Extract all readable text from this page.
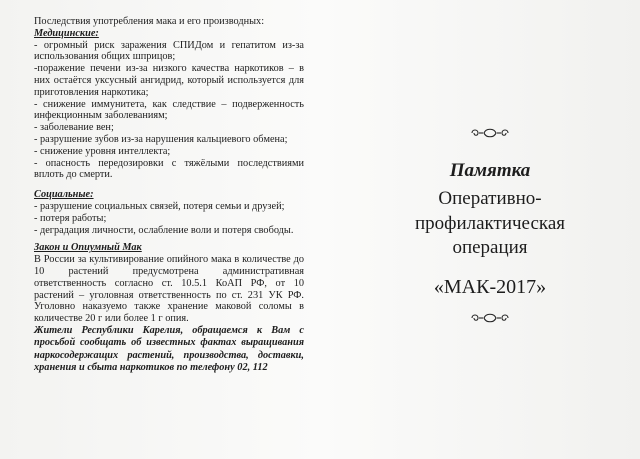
Последствия употребления мака и его производных:

Медицинские:

- огромный риск заражения СПИДом и гепатитом из-за использования общих шприцов;

-поражение печени из-за низкого качества наркотиков – в них остаётся уксусный ангидрид, который используется для приготовления наркотика;

- снижение иммунитета, как следствие – подверженность инфекционным заболеваниям;

- заболевание вен;

- разрушение зубов из-за нарушения кальциевого обмена;

- снижение уровня интеллекта;

- опасность передозировки с тяжёлыми последствиями вплоть до смерти.

Социальные:

- разрушение социальных связей, потеря семьи и друзей;

- потеря работы;

- деградация личности, ослабление воли и потеря свободы.

Закон и Опиумный Мак

В России за культивирование опийного мака в количестве до 10 растений предусмотрена административная ответственность согласно ст. 10.5.1 КоАП РФ, от 10 растений – уголовная ответственность по ст. 231 УК РФ. Уголовно наказуемо также хранение маковой соломы в количестве 20 г или более 1 г опия.

Жители Республики Карелия, обращаемся к Вам с просьбой сообщать об известных фактах выращивания наркосодержащих растений, производства, доставки, хранения и сбыта наркотиков по телефону 02, 112

Памятка
Оперативно-
профилактическая
операция
«МАК-2017»
